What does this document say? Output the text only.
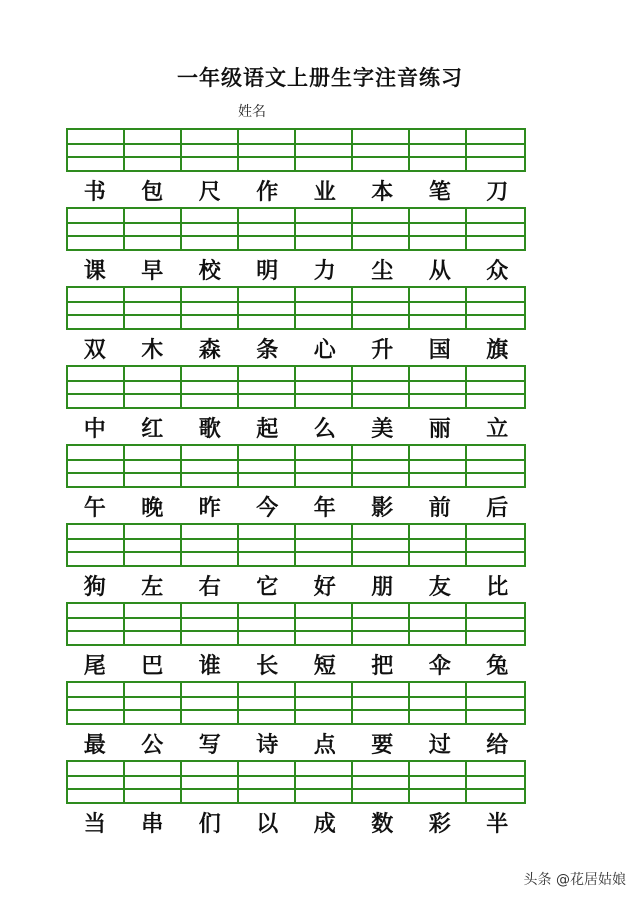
一年级语文上册生字注音练习
姓名
书	包	尺	作	业	本	笔	刀
课	早	校	明	力	尘	从	众
双	木	森	条	心	升	国	旗
中	红	歌	起	么	美	丽	立
午	晚	昨	今	年	影	前	后
狗	左	右	它	好	朋	友	比
尾	巴	谁	长	短	把	伞	兔
最	公	写	诗	点	要	过	给
当	串	们	以	成	数	彩	半
头条 @花居姑娘
